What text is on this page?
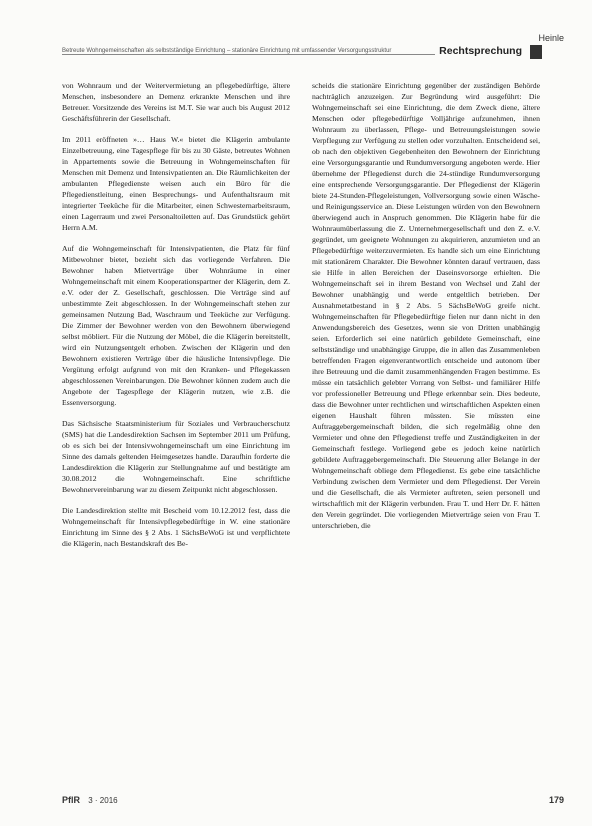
Heinle
Betreute Wohngemeinschaften als selbstständige Einrichtung – stationäre Einrichtung mit umfassender Versorgungsstruktur	Rechtsprechung

von Wohnraum und der Weitervermietung an pflegebedürftige, ältere Menschen, insbesondere an Demenz erkrankte Menschen und ihre Betreuer. Vorsitzende des Vereins ist M.T. Sie war auch bis August 2012 Geschäftsführerin der Gesellschaft.

Im 2011 eröffneten »… Haus W.« bietet die Klägerin ambulante Einzelbetreuung, eine Tagespflege für bis zu 30 Gäste, betreutes Wohnen in Appartements sowie die Betreuung in Wohngemeinschaften für Menschen mit Demenz und Intensivpatienten an. Die Räumlichkeiten der ambulanten Pflegedienste weisen auch ein Büro für die Pflegedienstleitung, einen Besprechungs- und Aufenthaltsraum mit integrierter Teeküche für die Mitarbeiter, einen Schwesternarbeitsraum, einen Lagerraum und zwei Personaltoiletten auf. Das Grundstück gehört Herrn A.M.

Auf die Wohngemeinschaft für Intensivpatienten, die Platz für fünf Mitbewohner bietet, bezieht sich das vorliegende Verfahren. Die Bewohner haben Mietverträge über Wohnräume in einer Wohngemeinschaft mit einem Kooperationspartner der Klägerin, dem Z. e.V. oder der Z. Gesellschaft, geschlossen. Die Verträge sind auf unbestimmte Zeit abgeschlossen. In der Wohngemeinschaft stehen zur gemeinsamen Nutzung Bad, Waschraum und Teeküche zur Verfügung. Die Zimmer der Bewohner werden von den Bewohnern überwiegend selbst möbliert. Für die Nutzung der Möbel, die die Klägerin bereitstellt, wird ein Nutzungsentgelt erhoben. Zwischen der Klägerin und den Bewohnern existieren Verträge über die häusliche Intensivpflege. Die Vergütung erfolgt aufgrund von mit den Kranken- und Pflegekassen abgeschlossenen Vereinbarungen. Die Bewohner können zudem auch die Angebote der Tagespflege der Klägerin nutzen, wie z.B. die Essenversorgung.

Das Sächsische Staatsministerium für Soziales und Verbraucherschutz (SMS) hat die Landesdirektion Sachsen im September 2011 um Prüfung, ob es sich bei der Intensivwohngemeinschaft um eine Einrichtung im Sinne des damals geltenden Heimgesetzes handle. Daraufhin forderte die Landesdirektion die Klägerin zur Stellungnahme auf und bestätigte am 30.08.2012 die Wohngemeinschaft. Eine schriftliche Bewohnervereinbarung war zu diesem Zeitpunkt nicht abgeschlossen.

Die Landesdirektion stellte mit Bescheid vom 10.12.2012 fest, dass die Wohngemeinschaft für Intensivpflegebedürftige in W. eine stationäre Einrichtung im Sinne des § 2 Abs. 1 SächsBeWoG ist und verpflichtete die Klägerin, nach Bestandskraft des Be-

scheids die stationäre Einrichtung gegenüber der zuständigen Behörde nachträglich anzuzeigen. Zur Begründung wird ausgeführt: Die Wohngemeinschaft sei eine Einrichtung, die dem Zweck diene, ältere Menschen oder pflegebedürftige Volljährige aufzunehmen, ihnen Wohnraum zu überlassen, Pflege- und Betreuungsleistungen sowie Verpflegung zur Verfügung zu stellen oder vorzuhalten. Entscheidend sei, ob nach den objektiven Gegebenheiten den Bewohnern der Einrichtung eine Versorgungsgarantie und Rundumversorgung angeboten werde. Hier übernehme der Pflegedienst durch die 24-stündige Rundumversorgung eine entsprechende Versorgungsgarantie. Der Pflegedienst der Klägerin biete 24-Stunden-Pflegeleistungen, Vollversorgung sowie einen Wäsche- und Reinigungsservice an. Diese Leistungen würden von den Bewohnern überwiegend auch in Anspruch genommen. Die Klägerin habe für die Wohnraumüberlassung die Z. Unternehmergesellschaft und den Z. e.V. gegründet, um geeignete Wohnungen zu akquirieren, anzumieten und an Pflegebedürftige weiterzuvermieten. Es handle sich um eine Einrichtung mit stationärem Charakter. Die Bewohner könnten darauf vertrauen, dass sie Hilfe in allen Bereichen der Daseinsvorsorge erhielten. Die Wohngemeinschaft sei in ihrem Bestand von Wechsel und Zahl der Bewohner unabhängig und werde entgeltlich betrieben. Der Ausnahmetatbestand in § 2 Abs. 5 SächsBeWoG greife nicht. Wohngemeinschaften für Pflegebedürftige fielen nur dann nicht in den Anwendungsbereich des Gesetzes, wenn sie von Dritten unabhängig seien. Erforderlich sei eine natürlich gebildete Gemeinschaft, eine selbstständige und unabhängige Gruppe, die in allen das Zusammenleben betreffenden Fragen eigenverantwortlich entscheide und autonom über ihre Betreuung und die damit zusammenhängenden Fragen bestimme. Es müsse ein tatsächlich gelebter Vorrang von Selbst- und familiärer Hilfe vor professioneller Betreuung und Pflege erkennbar sein. Dies bedeute, dass die Bewohner unter rechtlichen und wirtschaftlichen Aspekten einen eigenen Haushalt führen müssten. Sie müssten eine Auftraggebergemeinschaft bilden, die sich regelmäßig ohne den Vermieter und ohne den Pflegedienst treffe und Zuständigkeiten in der Gemeinschaft festlege. Vorliegend gebe es jedoch keine natürlich gebildete Auftraggebergemeinschaft. Die Steuerung aller Belange in der Wohngemeinschaft obliege dem Pflegedienst. Es gebe eine tatsächliche Verbindung zwischen dem Vermieter und dem Pflegedienst. Der Verein und die Gesellschaft, die als Vermieter auftreten, seien personell und wirtschaftlich mit der Klägerin verbunden. Frau T. und Herr Dr. F. hätten den Verein gegründet. Die vorliegenden Mietverträge seien von Frau T. unterschrieben, die

PflR 3 · 2016	179
